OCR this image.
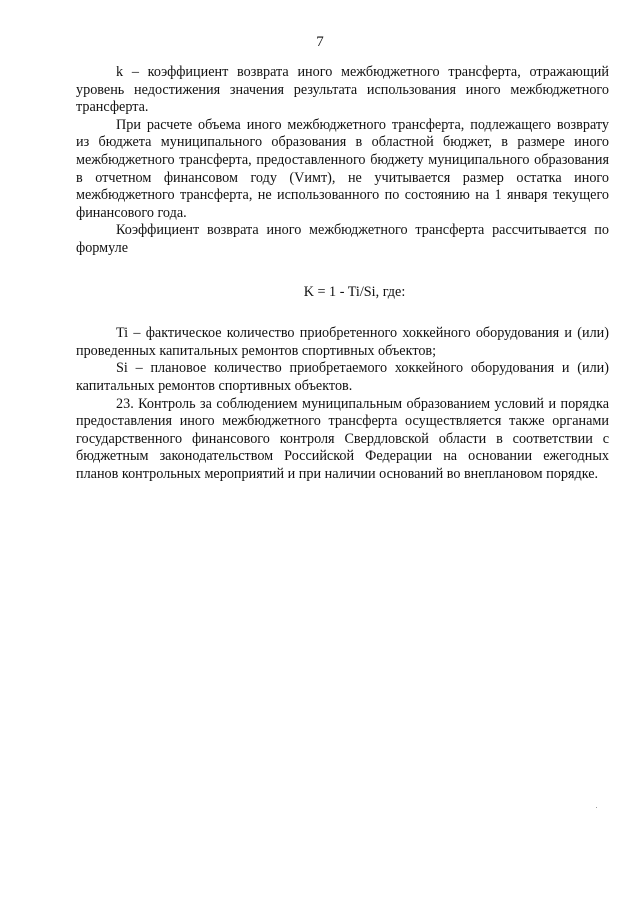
7

k – коэффициент возврата иного межбюджетного трансферта, отражающий уровень недостижения значения результата использования иного межбюджетного трансферта.

При расчете объема иного межбюджетного трансферта, подлежащего возврату из бюджета муниципального образования в областной бюджет, в размере иного межбюджетного трансферта, предоставленного бюджету муниципального образования в отчетном финансовом году (Vимт), не учитывается размер остатка иного межбюджетного трансферта, не использованного по состоянию на 1 января текущего финансового года.

Коэффициент возврата иного межбюджетного трансферта рассчитывается по формуле

K = 1 - Ti/Si, где:

Ti – фактическое количество приобретенного хоккейного оборудования и (или) проведенных капитальных ремонтов спортивных объектов;

Si – плановое количество приобретаемого хоккейного оборудования и (или) капитальных ремонтов спортивных объектов.

23. Контроль за соблюдением муниципальным образованием условий и порядка предоставления иного межбюджетного трансферта осуществляется также органами государственного финансового контроля Свердловской области в соответствии с бюджетным законодательством Российской Федерации на основании ежегодных планов контрольных мероприятий и при наличии оснований во внеплановом порядке.
